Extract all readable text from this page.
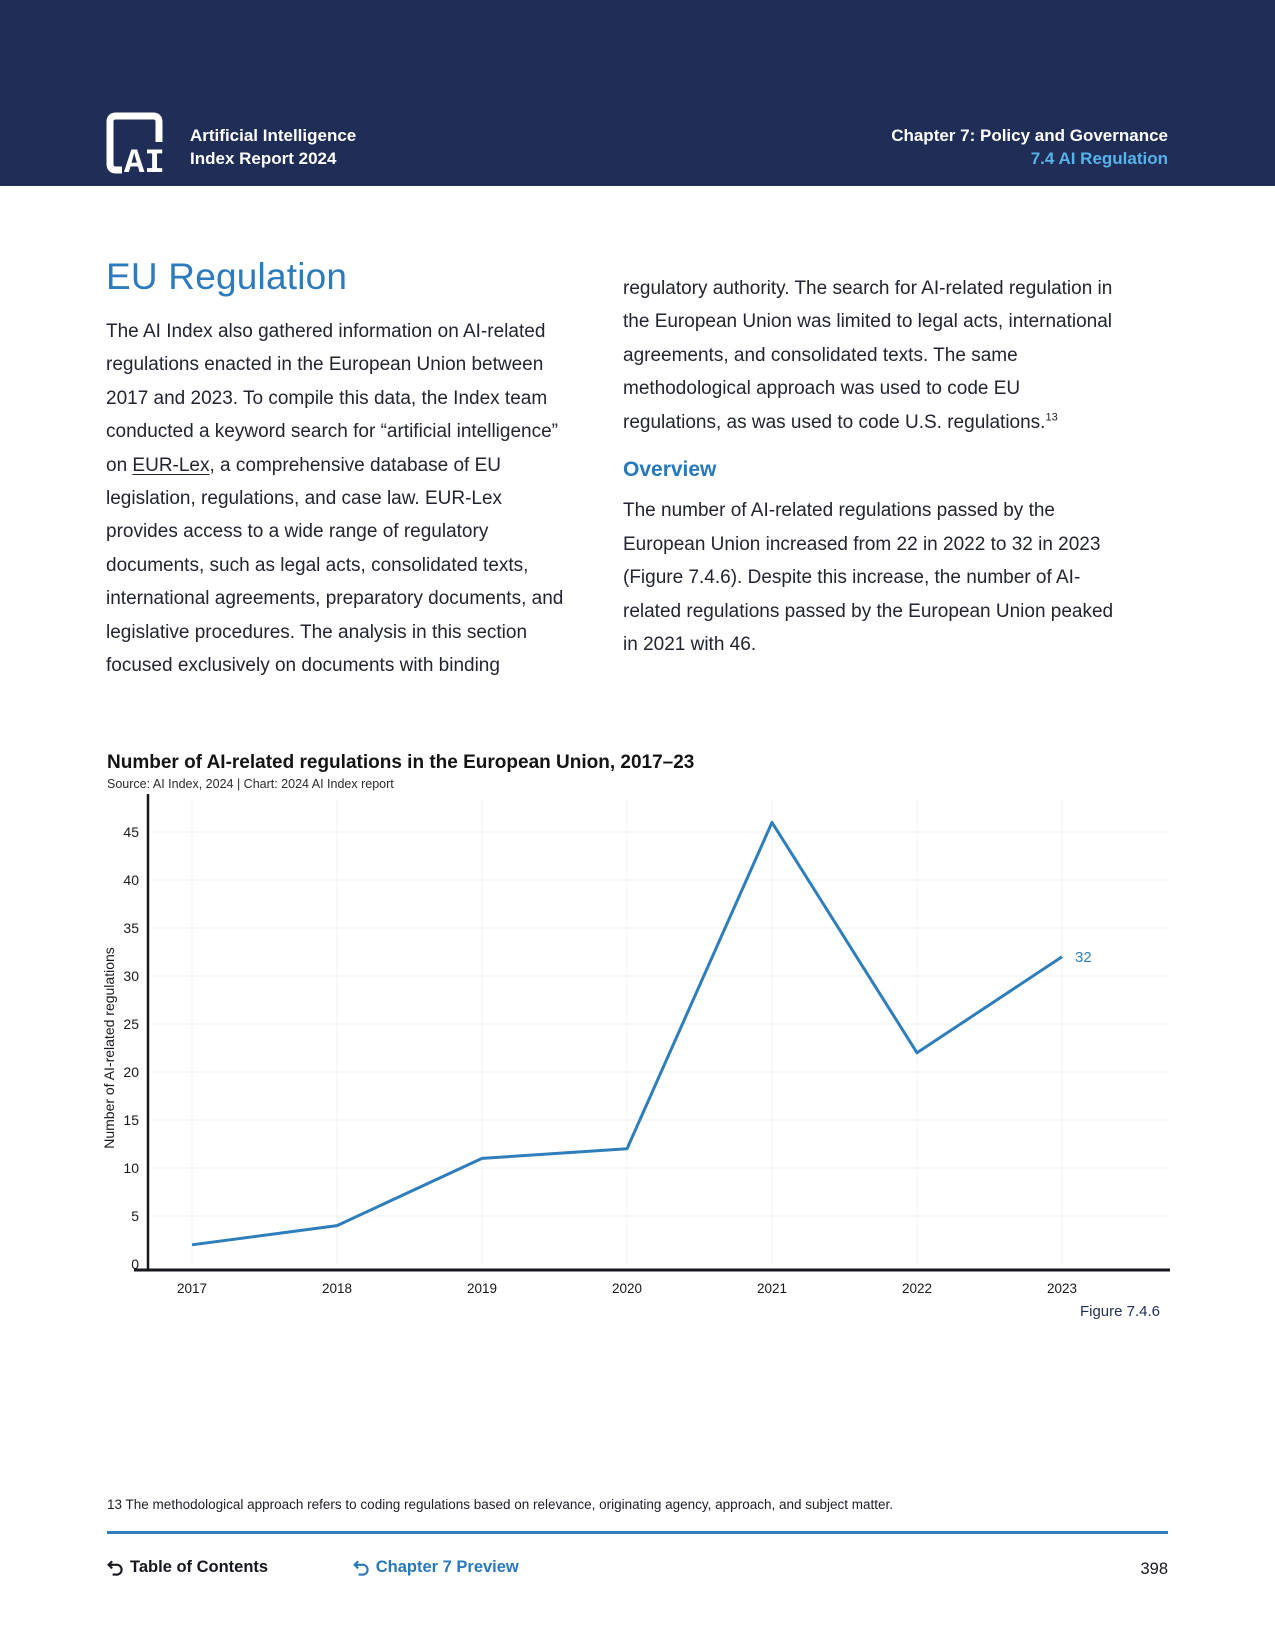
AI
Artificial Intelligence
Index Report 2024
Chapter 7: Policy and Governance
7.4 AI Regulation
EU Regulation
The AI Index also gathered information on AI-related regulations enacted in the European Union between 2017 and 2023. To compile this data, the Index team conducted a keyword search for “artificial intelligence” on EUR-Lex, a comprehensive database of EU legislation, regulations, and case law. EUR-Lex provides access to a wide range of regulatory documents, such as legal acts, consolidated texts, international agreements, preparatory documents, and legislative procedures. The analysis in this section focused exclusively on documents with binding
regulatory authority. The search for AI-related regulation in the European Union was limited to legal acts, international agreements, and consolidated texts. The same methodological approach was used to code EU regulations, as was used to code U.S. regulations.$^{13}$
Overview
The number of AI-related regulations passed by the European Union increased from 22 in 2022 to 32 in 2023 (Figure 7.4.6). Despite this increase, the number of AI-related regulations passed by the European Union peaked in 2021 with 46.
Number of AI-related regulations in the European Union, 2017–23
Source: AI Index, 2024 | Chart: 2024 AI Index report
0
5
10
15
20
25
30
35
40
45
2017	2018	2019	2020	2021	2022	2023
32
Number of AI-related regulations
Figure 7.4.6
13 The methodological approach refers to coding regulations based on relevance, originating agency, approach, and subject matter.
Table of Contents
	Chapter 7 Preview	398
